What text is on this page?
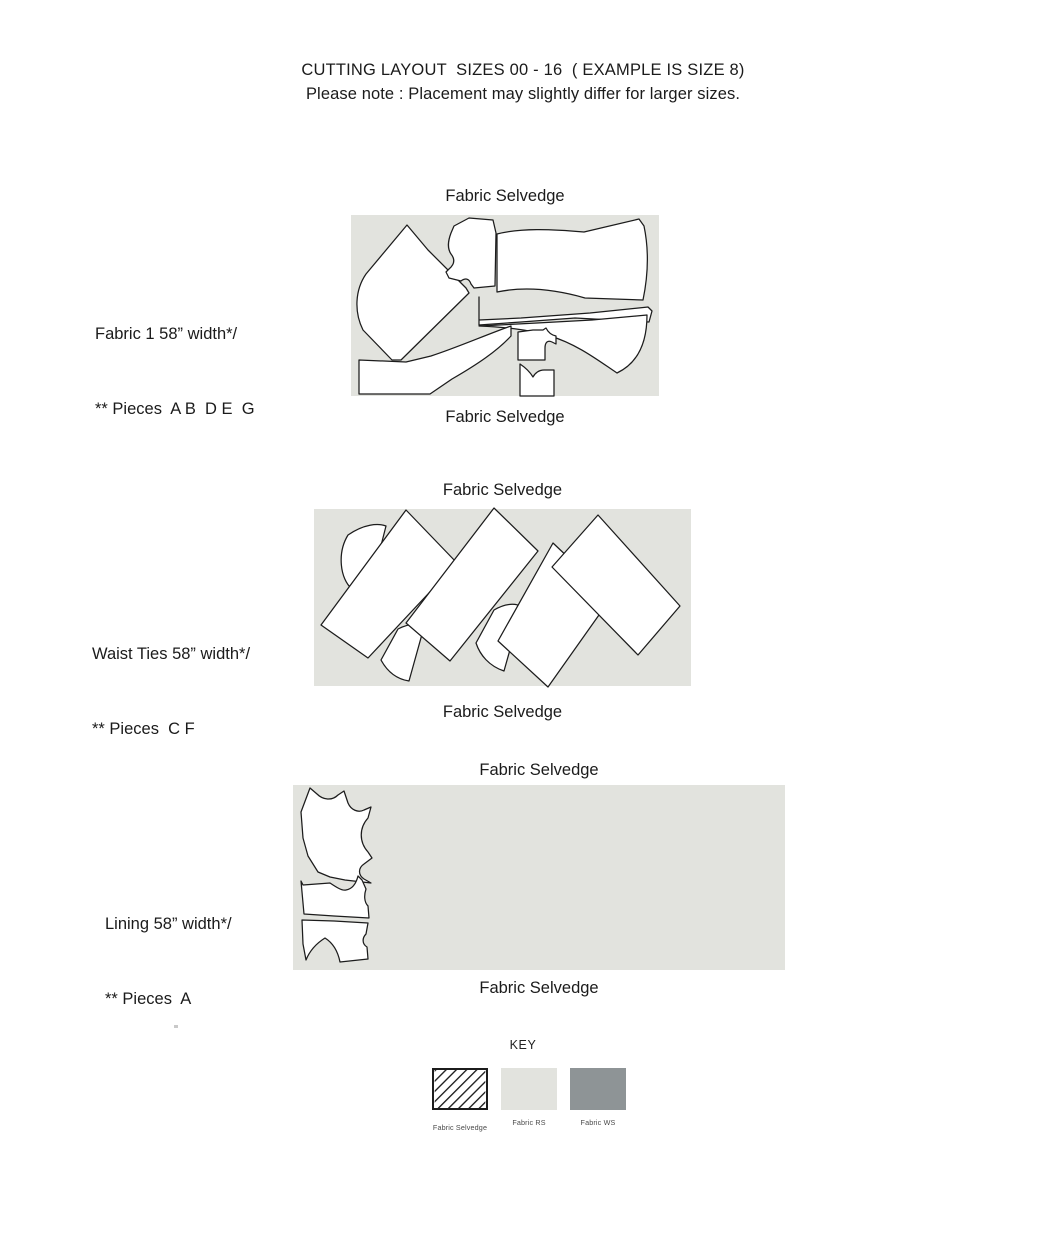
CUTTING LAYOUT  SIZES 00 - 16  ( EXAMPLE IS SIZE 8)
Please note : Placement may slightly differ for larger sizes.
Fabric Selvedge

Fabric 1 58” width*/

** Pieces  A B  D E  G

	Fabric Selvedge
Fabric Selvedge

Waist Ties 58” width*/

** Pieces  C F

Fabric Selvedge
Fabric Selvedge

Lining 58” width*/

** Pieces  A

Fabric Selvedge
KEY
Fabric Selvedge
Fabric RS	Fabric WS
